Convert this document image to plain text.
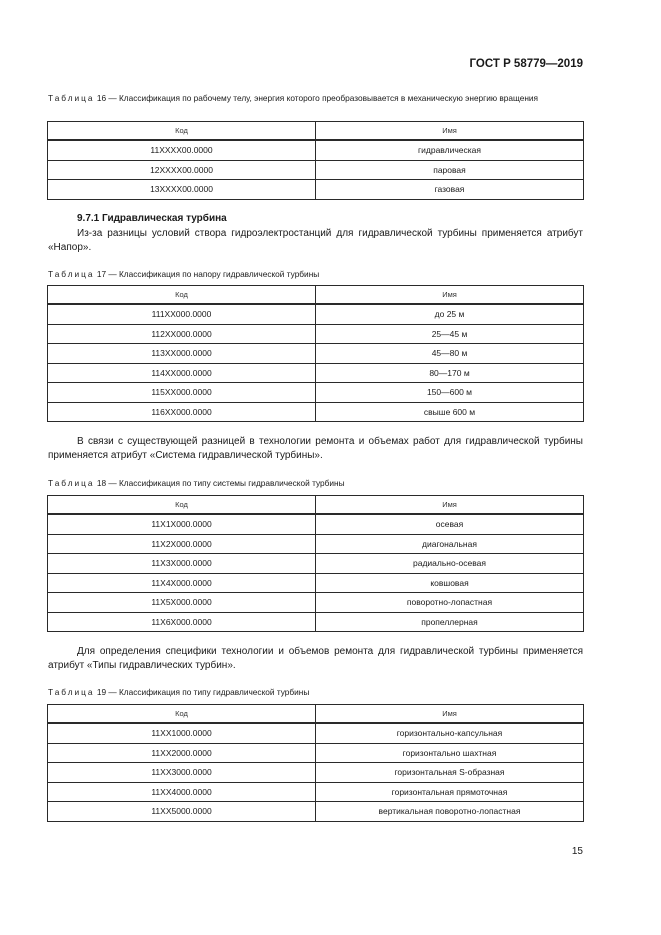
ГОСТ Р 58779—2019
Таблица 16 — Классификация по рабочему телу, энергия которого преобразовывается в механическую энергию вращения
Код	Имя
11XXXX00.0000	гидравлическая
12XXXX00.0000	паровая
13XXXX00.0000	газовая
9.7.1 Гидравлическая турбина
Из-за разницы условий створа гидроэлектростанций для гидравлической турбины применяется атрибут «Напор».
Таблица 17 — Классификация по напору гидравлической турбины
Код	Имя
111XX000.0000	до 25 м
112XX000.0000	25—45 м
113XX000.0000	45—80 м
114XX000.0000	80—170 м
115XX000.0000	150—600 м
116XX000.0000	свыше 600 м
В связи с существующей разницей в технологии ремонта и объемах работ для гидравлической турбины применяется атрибут «Система гидравлической турбины».
Таблица 18 — Классификация по типу системы гидравлической турбины
Код	Имя
11X1X000.0000	осевая
11X2X000.0000	диагональная
11X3X000.0000	радиально-осевая
11X4X000.0000	ковшовая
11X5X000.0000	поворотно-лопастная
11X6X000.0000	пропеллерная
Для определения специфики технологии и объемов ремонта для гидравлической турбины применяется атрибут «Типы гидравлических турбин».
Таблица 19 — Классификация по типу гидравлической турбины
Код	Имя
11XX1000.0000	горизонтально-капсульная
11XX2000.0000	горизонтально шахтная
11XX3000.0000	горизонтальная S-образная
11XX4000.0000	горизонтальная прямоточная
11XX5000.0000	вертикальная поворотно-лопастная
15
